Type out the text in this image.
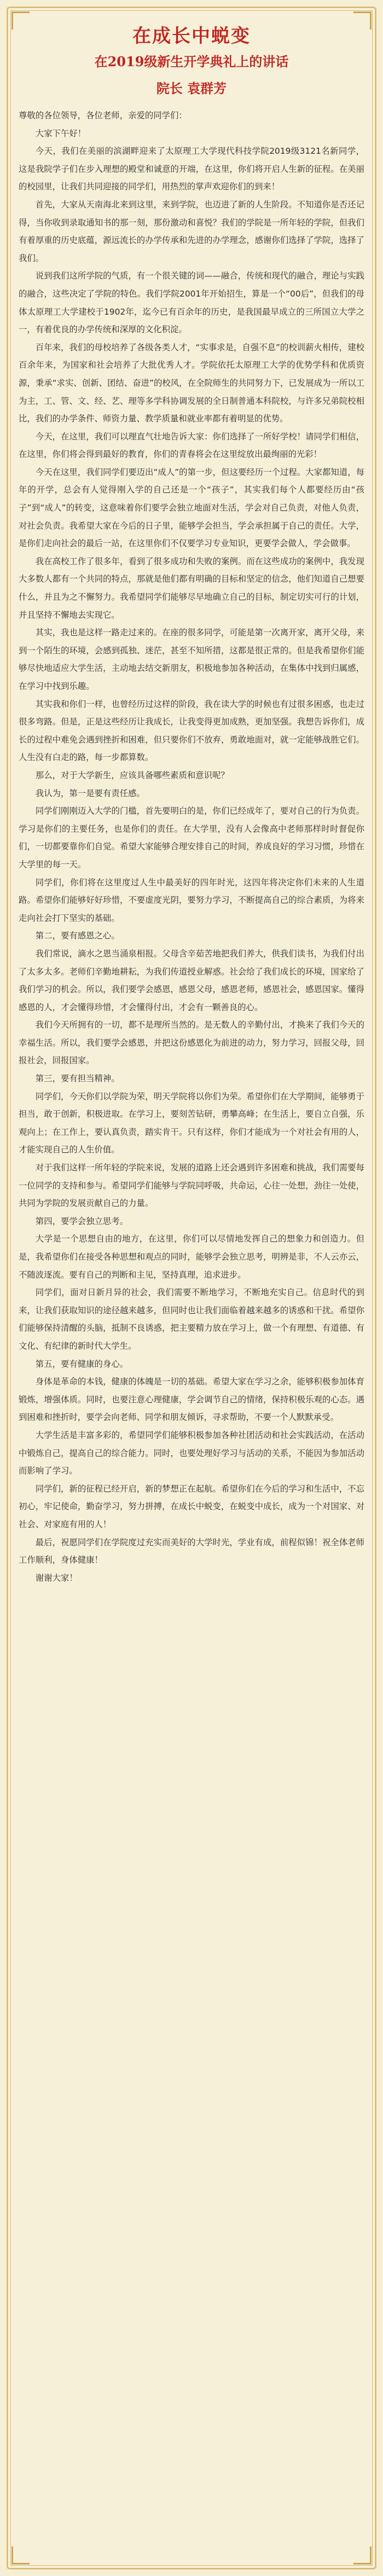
在成长中蜕变
在2019级新生开学典礼上的讲话
院长 袁群芳

尊敬的各位领导，各位老师，亲爱的同学们：

大家下午好！

今天，我们在美丽的滨湖畔迎来了太原理工大学现代科技学院2019级3121名新同学，这是我院学子们在步入理想的殿堂和诚意的开端，在这里，你们将开启人生新的征程。在美丽的校园里，让我们共同迎接的同学们，用热烈的掌声欢迎你们的到来！

首先，大家从天南海北来到这里，来到学院，也迈进了新的人生阶段。不知道你是否还记得，当你收到录取通知书的那一刻，那份激动和喜悦？我们的学院是一所年轻的学院，但我们有着厚重的历史底蕴，源远流长的办学传承和先进的办学理念，感谢你们选择了学院，选择了我们。

说到我们这所学院的气质，有一个很关键的词——融合，传统和现代的融合，理论与实践的融合，这些决定了学院的特色。我们学院2001年开始招生，算是一个“00后”，但我们的母体太原理工大学建校于1902年，迄今已有百余年的历史，是我国最早成立的三所国立大学之一，有着优良的办学传统和深厚的文化积淀。

百年来，我们的母校培养了各级各类人才，“实事求是，自强不息”的校训薪火相传，建校百余年来，为国家和社会培养了大批优秀人才。学院依托太原理工大学的优势学科和优质资源，秉承“求实、创新、团结、奋进”的校风，在全院师生的共同努力下，已发展成为一所以工为主，工、管、文、经、艺、理等多学科协调发展的全日制普通本科院校，与许多兄弟院校相比，我们的办学条件、师资力量、教学质量和就业率都有着明显的优势。

今天，在这里，我们可以理直气壮地告诉大家：你们选择了一所好学校！请同学们相信，在这里，你们将会得到最好的教育，你们的青春将会在这里绽放出最绚丽的光彩！

今天在这里，我们同学们要迈出“成人”的第一步，但这要经历一个过程。大家都知道，每年的开学，总会有人觉得刚入学的自己还是一个“孩子”，其实我们每个人都要经历由“孩子”到“成人”的转变，这意味着你们要学会独立地面对生活，学会对自己负责，对他人负责，对社会负责。我希望大家在今后的日子里，能够学会担当，学会承担属于自己的责任。大学，是你们走向社会的最后一站，在这里你们不仅要学习专业知识，更要学会做人，学会做事。

我在高校工作了很多年，看到了很多成功和失败的案例。而在这些成功的案例中，我发现大多数人都有一个共同的特点，那就是他们都有明确的目标和坚定的信念，他们知道自己想要什么，并且为之不懈努力。我希望同学们能够尽早地确立自己的目标，制定切实可行的计划，并且坚持不懈地去实现它。

其实，我也是这样一路走过来的。在座的很多同学，可能是第一次离开家，离开父母，来到一个陌生的环境，会感到孤独、迷茫，甚至不知所措，这都是很正常的。但是我希望你们能够尽快地适应大学生活，主动地去结交新朋友，积极地参加各种活动，在集体中找到归属感，在学习中找到乐趣。

其实我和你们一样，也曾经历过这样的阶段，我在读大学的时候也有过很多困惑，也走过很多弯路。但是，正是这些经历让我成长，让我变得更加成熟，更加坚强。我想告诉你们，成长的过程中难免会遇到挫折和困难，但只要你们不放弃，勇敢地面对，就一定能够战胜它们。人生没有白走的路，每一步都算数。

那么，对于大学新生，应该具备哪些素质和意识呢？

我认为，第一是要有责任感。

同学们刚刚迈入大学的门槛，首先要明白的是，你们已经成年了，要对自己的行为负责。学习是你们的主要任务，也是你们的责任。在大学里，没有人会像高中老师那样时时督促你们，一切都要靠你们自觉。希望大家能够合理安排自己的时间，养成良好的学习习惯，珍惜在大学里的每一天。

同学们，你们将在这里度过人生中最美好的四年时光，这四年将决定你们未来的人生道路。希望你们能够好好珍惜，不要虚度光阴，要努力学习，不断提高自己的综合素质，为将来走向社会打下坚实的基础。

第二，要有感恩之心。

我们常说，滴水之恩当涌泉相报。父母含辛茹苦地把我们养大，供我们读书，为我们付出了太多太多。老师们辛勤地耕耘，为我们传道授业解惑。社会给了我们成长的环境，国家给了我们学习的机会。所以，我们要学会感恩，感恩父母，感恩老师，感恩社会，感恩国家。懂得感恩的人，才会懂得珍惜，才会懂得付出，才会有一颗善良的心。

我们今天所拥有的一切，都不是理所当然的。是无数人的辛勤付出，才换来了我们今天的幸福生活。所以，我们要学会感恩，并把这份感恩化为前进的动力，努力学习，回报父母，回报社会，回报国家。

第三，要有担当精神。

同学们，今天你们以学院为荣，明天学院将以你们为荣。希望你们在大学期间，能够勇于担当，敢于创新，积极进取。在学习上，要刻苦钻研，勇攀高峰；在生活上，要自立自强，乐观向上；在工作上，要认真负责，踏实肯干。只有这样，你们才能成为一个对社会有用的人，才能实现自己的人生价值。

对于我们这样一所年轻的学院来说，发展的道路上还会遇到许多困难和挑战，我们需要每一位同学的支持和参与。希望同学们能够与学院同呼吸，共命运，心往一处想，劲往一处使，共同为学院的发展贡献自己的力量。

第四，要学会独立思考。

大学是一个思想自由的地方，在这里，你们可以尽情地发挥自己的想象力和创造力。但是，我希望你们在接受各种思想和观点的同时，能够学会独立思考，明辨是非，不人云亦云，不随波逐流。要有自己的判断和主见，坚持真理，追求进步。

同学们，面对日新月异的社会，我们需要不断地学习，不断地充实自己。信息时代的到来，让我们获取知识的途径越来越多，但同时也让我们面临着越来越多的诱惑和干扰。希望你们能够保持清醒的头脑，抵制不良诱惑，把主要精力放在学习上，做一个有理想、有道德、有文化、有纪律的新时代大学生。

第五，要有健康的身心。

身体是革命的本钱，健康的体魄是一切的基础。希望大家在学习之余，能够积极参加体育锻炼，增强体质。同时，也要注意心理健康，学会调节自己的情绪，保持积极乐观的心态。遇到困难和挫折时，要学会向老师、同学和朋友倾诉，寻求帮助，不要一个人默默承受。

大学生活是丰富多彩的，希望同学们能够积极参加各种社团活动和社会实践活动，在活动中锻炼自己，提高自己的综合能力。同时，也要处理好学习与活动的关系，不能因为参加活动而影响了学习。

同学们，新的征程已经开启，新的梦想正在起航。希望你们在今后的学习和生活中，不忘初心，牢记使命，勤奋学习，努力拼搏，在成长中蜕变，在蜕变中成长，成为一个对国家、对社会、对家庭有用的人！

最后，祝愿同学们在学院度过充实而美好的大学时光，学业有成，前程似锦！祝全体老师工作顺利，身体健康！

谢谢大家！
